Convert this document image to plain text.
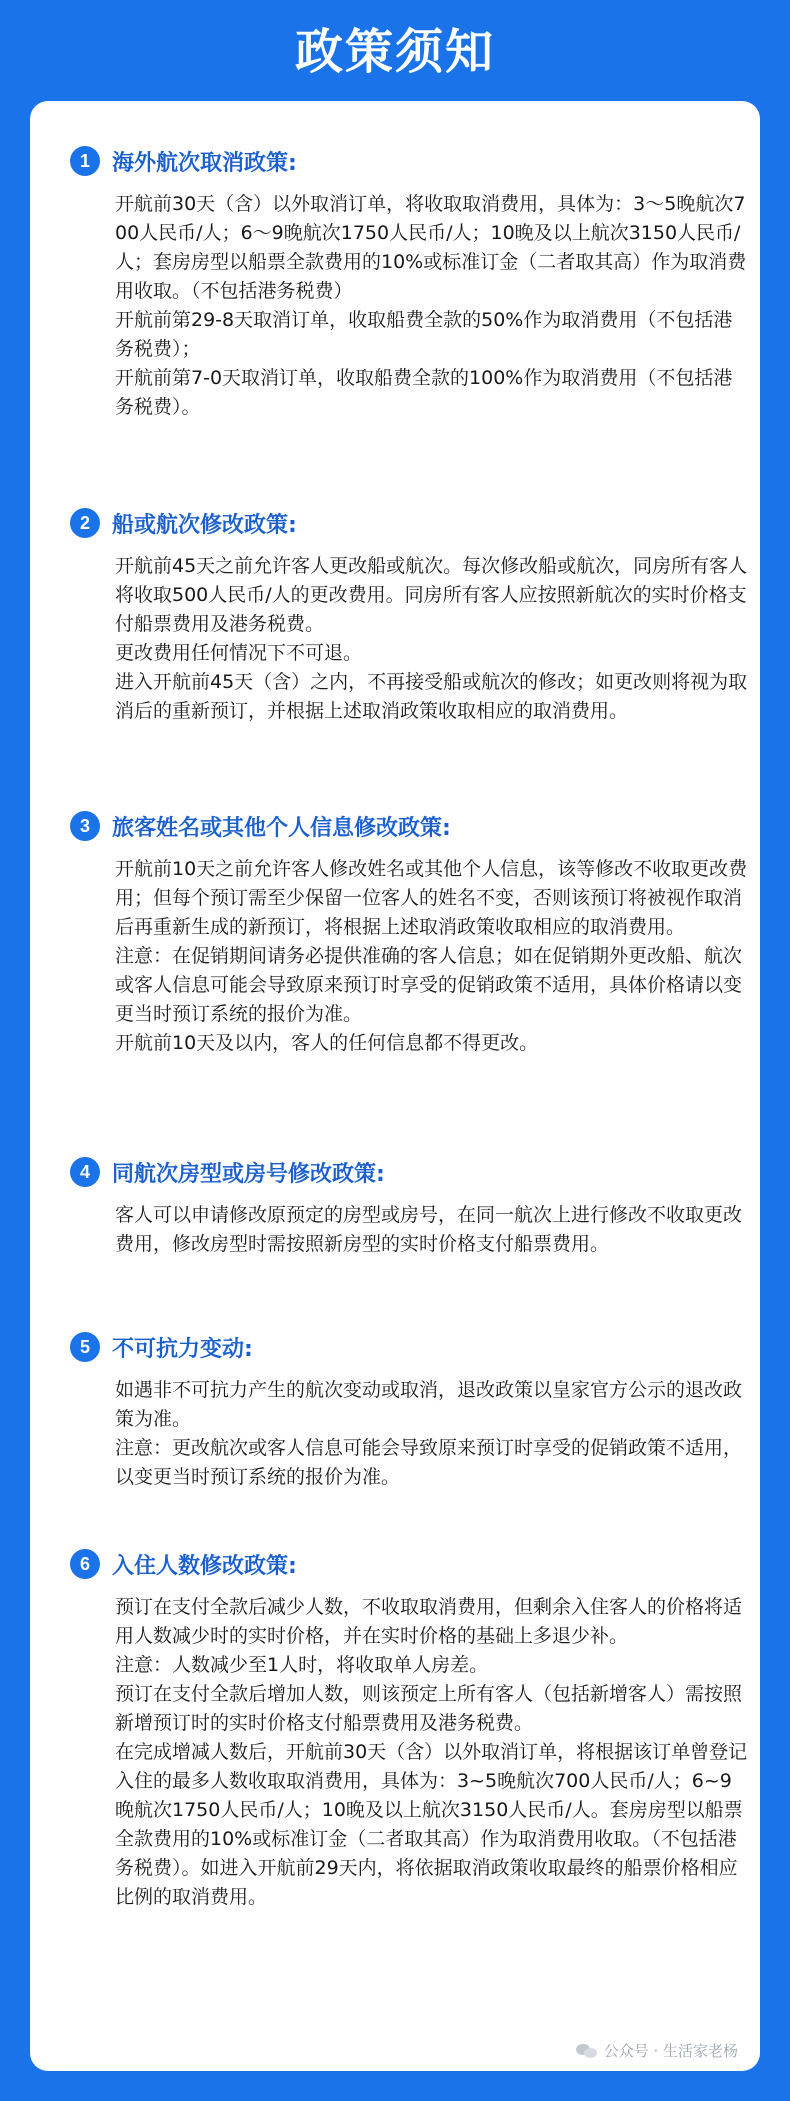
政策须知
1	海外航次取消政策:
开航前30天（含）以外取消订单，将收取取消费用，具体为：3～5晚航次700人民币/人；6～9晚航次1750人民币/人；10晚及以上航次3150人民币/人；套房房型以船票全款费用的10%或标准订金（二者取其高）作为取消费用收取。（不包括港务税费）
开航前第29-8天取消订单，收取船费全款的50%作为取消费用（不包括港务税费）；
开航前第7-0天取消订单，收取船费全款的100%作为取消费用（不包括港务税费）。
2	船或航次修改政策:
开航前45天之前允许客人更改船或航次。每次修改船或航次，同房所有客人将收取500人民币/人的更改费用。同房所有客人应按照新航次的实时价格支付船票费用及港务税费。
更改费用任何情况下不可退。
进入开航前45天（含）之内，不再接受船或航次的修改；如更改则将视为取消后的重新预订，并根据上述取消政策收取相应的取消费用。
3	旅客姓名或其他个人信息修改政策:
开航前10天之前允许客人修改姓名或其他个人信息，该等修改不收取更改费用；但每个预订需至少保留一位客人的姓名不变，否则该预订将被视作取消后再重新生成的新预订，将根据上述取消政策收取相应的取消费用。
注意：在促销期间请务必提供准确的客人信息；如在促销期外更改船、航次或客人信息可能会导致原来预订时享受的促销政策不适用，具体价格请以变更当时预订系统的报价为准。
开航前10天及以内，客人的任何信息都不得更改。
4	同航次房型或房号修改政策:
客人可以申请修改原预定的房型或房号，在同一航次上进行修改不收取更改费用，修改房型时需按照新房型的实时价格支付船票费用。
5	不可抗力变动:
如遇非不可抗力产生的航次变动或取消，退改政策以皇家官方公示的退改政策为准。
注意：更改航次或客人信息可能会导致原来预订时享受的促销政策不适用，以变更当时预订系统的报价为准。
6	入住人数修改政策:
预订在支付全款后减少人数，不收取取消费用，但剩余入住客人的价格将适用人数减少时的实时价格，并在实时价格的基础上多退少补。
注意：人数减少至1人时，将收取单人房差。
预订在支付全款后增加人数，则该预定上所有客人（包括新增客人）需按照新增预订时的实时价格支付船票费用及港务税费。
在完成增减人数后，开航前30天（含）以外取消订单，将根据该订单曾登记入住的最多人数收取取消费用，具体为：3~5晚航次700人民币/人；6~9晚航次1750人民币/人；10晚及以上航次3150人民币/人。套房房型以船票全款费用的10%或标准订金（二者取其高）作为取消费用收取。（不包括港务税费）。如进入开航前29天内，将依据取消政策收取最终的船票价格相应比例的取消费用。
公众号 · 生活家老杨
